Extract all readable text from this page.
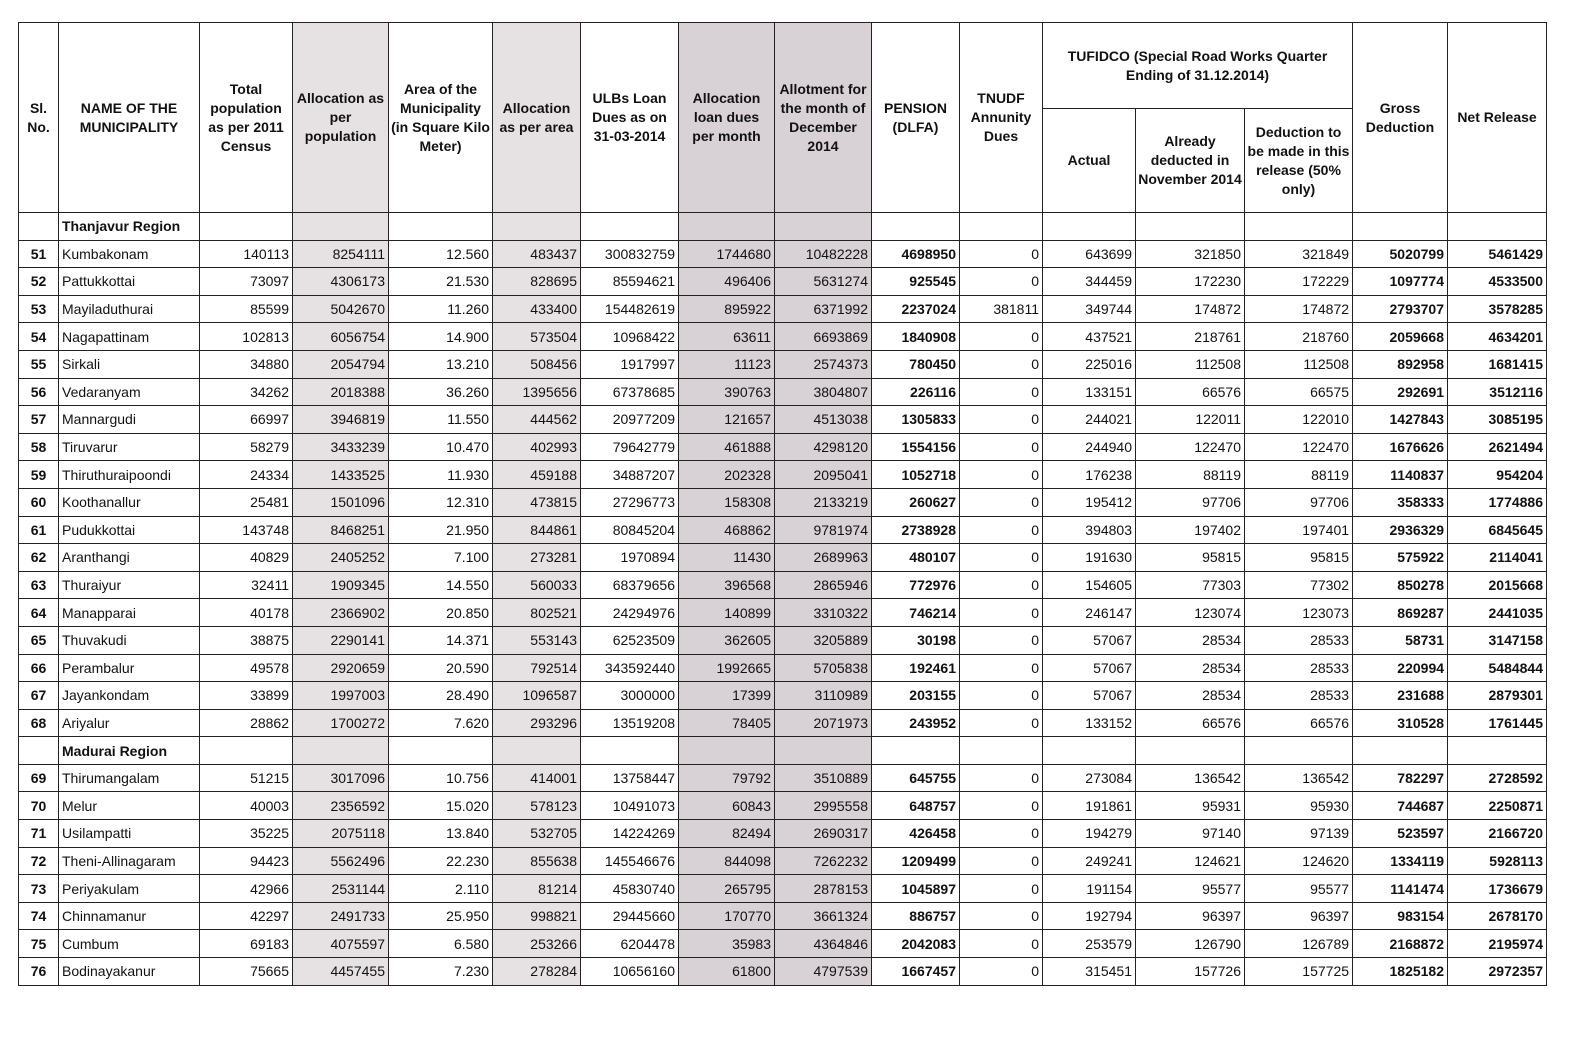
Sl. No.	NAME OF THE MUNICIPALITY	Total population as per 2011 Census	Allocation as per population	Area of the Municipality (in Square Kilo Meter)	Allocation as per area	ULBs Loan Dues as on 31-03-2014	Allocation loan dues per month	Allotment for the month of December 2014	PENSION (DLFA)	TNUDF Annunity Dues	TUFIDCO (Special Road Works Quarter Ending of 31.12.2014)			Gross Deduction	Net Release
											Actual	Already deducted in November 2014	Deduction to be made in this release (50% only)		
	Thanjavur Region														
51	Kumbakonam	140113	8254111	12.560	483437	300832759	1744680	10482228	4698950	0	643699	321850	321849	5020799	5461429
52	Pattukkottai	73097	4306173	21.530	828695	85594621	496406	5631274	925545	0	344459	172230	172229	1097774	4533500
53	Mayiladuthurai	85599	5042670	11.260	433400	154482619	895922	6371992	2237024	381811	349744	174872	174872	2793707	3578285
54	Nagapattinam	102813	6056754	14.900	573504	10968422	63611	6693869	1840908	0	437521	218761	218760	2059668	4634201
55	Sirkali	34880	2054794	13.210	508456	1917997	11123	2574373	780450	0	225016	112508	112508	892958	1681415
56	Vedaranyam	34262	2018388	36.260	1395656	67378685	390763	3804807	226116	0	133151	66576	66575	292691	3512116
57	Mannargudi	66997	3946819	11.550	444562	20977209	121657	4513038	1305833	0	244021	122011	122010	1427843	3085195
58	Tiruvarur	58279	3433239	10.470	402993	79642779	461888	4298120	1554156	0	244940	122470	122470	1676626	2621494
59	Thiruthuraipoondi	24334	1433525	11.930	459188	34887207	202328	2095041	1052718	0	176238	88119	88119	1140837	954204
60	Koothanallur	25481	1501096	12.310	473815	27296773	158308	2133219	260627	0	195412	97706	97706	358333	1774886
61	Pudukkottai	143748	8468251	21.950	844861	80845204	468862	9781974	2738928	0	394803	197402	197401	2936329	6845645
62	Aranthangi	40829	2405252	7.100	273281	1970894	11430	2689963	480107	0	191630	95815	95815	575922	2114041
63	Thuraiyur	32411	1909345	14.550	560033	68379656	396568	2865946	772976	0	154605	77303	77302	850278	2015668
64	Manapparai	40178	2366902	20.850	802521	24294976	140899	3310322	746214	0	246147	123074	123073	869287	2441035
65	Thuvakudi	38875	2290141	14.371	553143	62523509	362605	3205889	30198	0	57067	28534	28533	58731	3147158
66	Perambalur	49578	2920659	20.590	792514	343592440	1992665	5705838	192461	0	57067	28534	28533	220994	5484844
67	Jayankondam	33899	1997003	28.490	1096587	3000000	17399	3110989	203155	0	57067	28534	28533	231688	2879301
68	Ariyalur	28862	1700272	7.620	293296	13519208	78405	2071973	243952	0	133152	66576	66576	310528	1761445
	Madurai Region														
69	Thirumangalam	51215	3017096	10.756	414001	13758447	79792	3510889	645755	0	273084	136542	136542	782297	2728592
70	Melur	40003	2356592	15.020	578123	10491073	60843	2995558	648757	0	191861	95931	95930	744687	2250871
71	Usilampatti	35225	2075118	13.840	532705	14224269	82494	2690317	426458	0	194279	97140	97139	523597	2166720
72	Theni-Allinagaram	94423	5562496	22.230	855638	145546676	844098	7262232	1209499	0	249241	124621	124620	1334119	5928113
73	Periyakulam	42966	2531144	2.110	81214	45830740	265795	2878153	1045897	0	191154	95577	95577	1141474	1736679
74	Chinnamanur	42297	2491733	25.950	998821	29445660	170770	3661324	886757	0	192794	96397	96397	983154	2678170
75	Cumbum	69183	4075597	6.580	253266	6204478	35983	4364846	2042083	0	253579	126790	126789	2168872	2195974
76	Bodinayakanur	75665	4457455	7.230	278284	10656160	61800	4797539	1667457	0	315451	157726	157725	1825182	2972357
